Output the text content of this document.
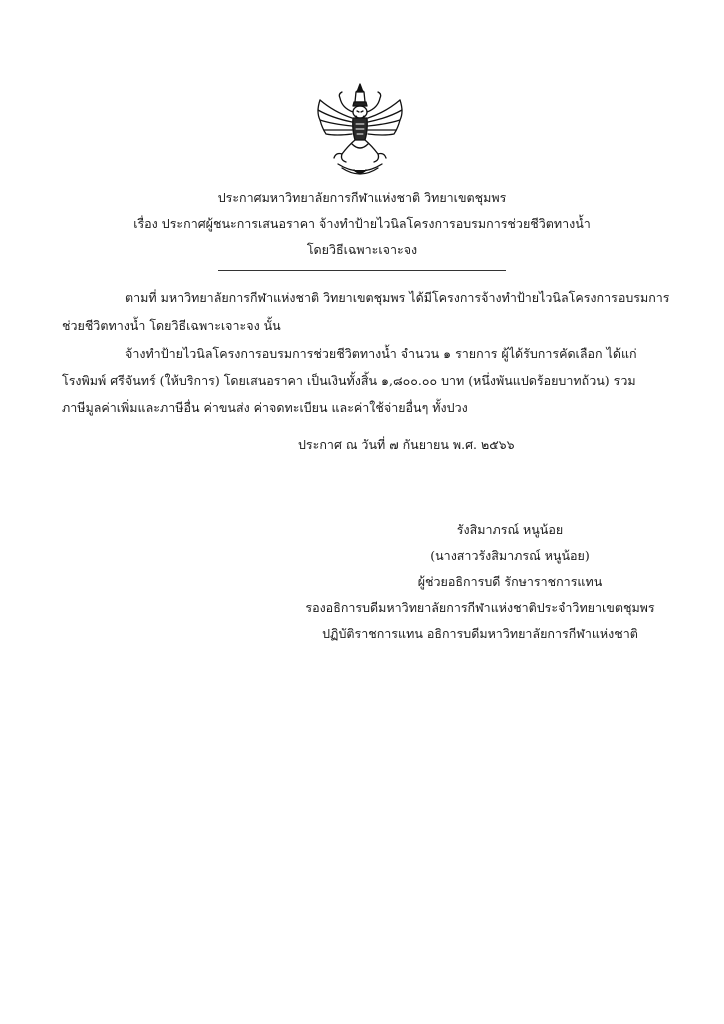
ประกาศมหาวิทยาลัยการกีฬาแห่งชาติ วิทยาเขตชุมพร
เรื่อง ประกาศผู้ชนะการเสนอราคา จ้างทำป้ายไวนิลโครงการอบรมการช่วยชีวิตทางน้ำ
โดยวิธีเฉพาะเจาะจง
ตามที่ มหาวิทยาลัยการกีฬาแห่งชาติ วิทยาเขตชุมพร ได้มีโครงการจ้างทำป้ายไวนิลโครงการอบรมการ
ช่วยชีวิตทางน้ำ โดยวิธีเฉพาะเจาะจง นั้น
จ้างทำป้ายไวนิลโครงการอบรมการช่วยชีวิตทางน้ำ จำนวน ๑ รายการ ผู้ได้รับการคัดเลือก ได้แก่
โรงพิมพ์ ศรีจันทร์ (ให้บริการ) โดยเสนอราคา เป็นเงินทั้งสิ้น ๑,๘๐๐.๐๐ บาท (หนึ่งพันแปดร้อยบาทถ้วน) รวม
ภาษีมูลค่าเพิ่มและภาษีอื่น ค่าขนส่ง ค่าจดทะเบียน และค่าใช้จ่ายอื่นๆ ทั้งปวง
ประกาศ ณ วันที่ ๗ กันยายน พ.ศ. ๒๕๖๖
รังสิมาภรณ์ หนูน้อย
(นางสาวรังสิมาภรณ์ หนูน้อย)
ผู้ช่วยอธิการบดี รักษาราชการแทน
รองอธิการบดีมหาวิทยาลัยการกีฬาแห่งชาติประจำวิทยาเขตชุมพร
ปฏิบัติราชการแทน อธิการบดีมหาวิทยาลัยการกีฬาแห่งชาติ
